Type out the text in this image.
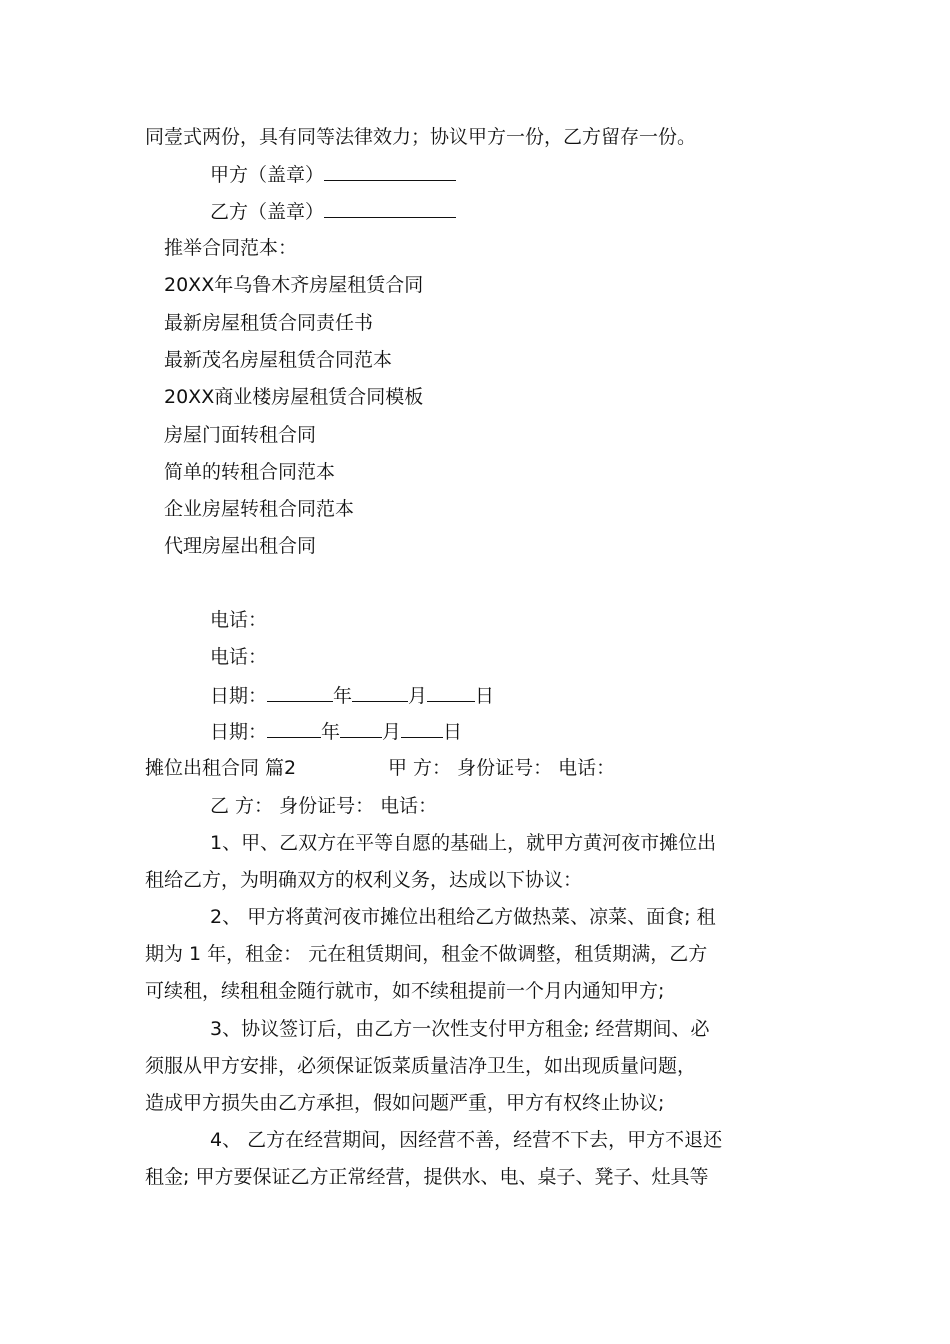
同壹式两份，具有同等法律效力；协议甲方一份，乙方留存一份。
甲方（盖章）
乙方（盖章）
推举合同范本：
20XX年乌鲁木齐房屋租赁合同
最新房屋租赁合同责任书
最新茂名房屋租赁合同范本
20XX商业楼房屋租赁合同模板
房屋门面转租合同
简单的转租合同范本
企业房屋转租合同范本
代理房屋出租合同
电话：
电话：
日期：	年	月	日
日期：	年 月 日
摊位出租合同 篇2	甲 方： 身份证号： 电话：
乙 方： 身份证号： 电话：
1、甲、乙双方在平等自愿的基础上，就甲方黄河夜市摊位出
租给乙方，为明确双方的权利义务，达成以下协议：
2、 甲方将黄河夜市摊位出租给乙方做热菜、凉菜、面食; 租
期为 1 年，租金： 元在租赁期间，租金不做调整，租赁期满，乙方
可续租，续租租金随行就市，如不续租提前一个月内通知甲方;
3、协议签订后，由乙方一次性支付甲方租金; 经营期间、必
须服从甲方安排，必须保证饭菜质量洁净卫生，如出现质量问题，
造成甲方损失由乙方承担，假如问题严重，甲方有权终止协议;
4、 乙方在经营期间，因经营不善，经营不下去，甲方不退还
租金; 甲方要保证乙方正常经营，提供水、电、桌子、凳子、灶具等
